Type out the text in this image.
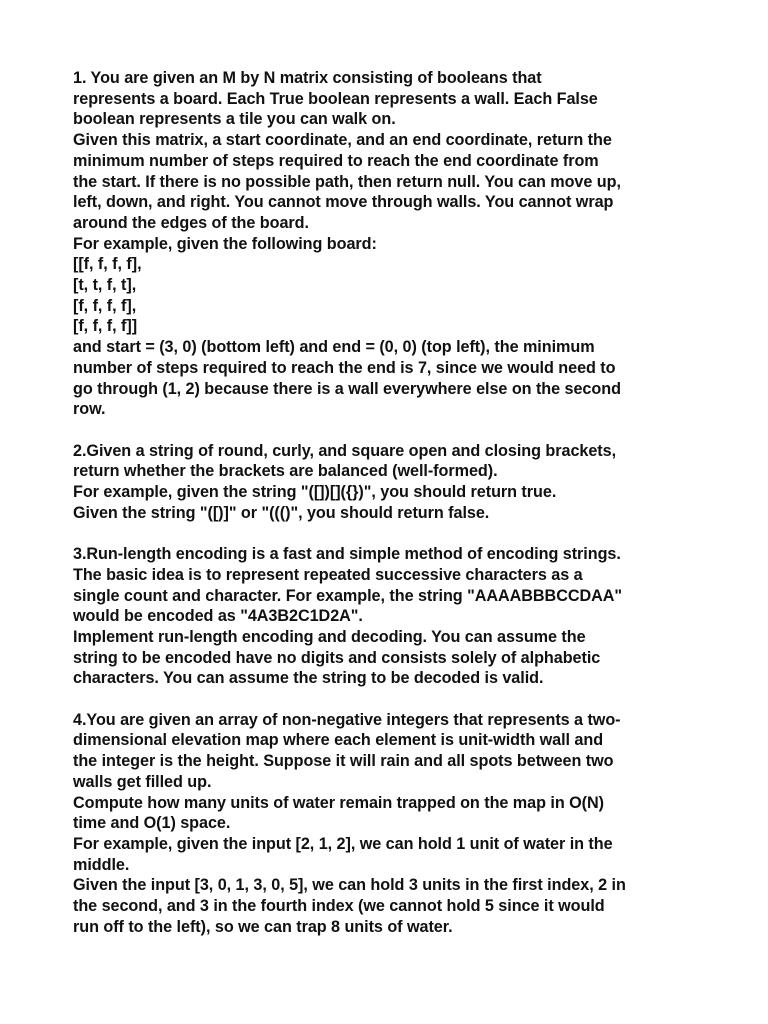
1. You are given an M by N matrix consisting of booleans that
represents a board. Each True boolean represents a wall. Each False
boolean represents a tile you can walk on.
Given this matrix, a start coordinate, and an end coordinate, return the
minimum number of steps required to reach the end coordinate from
the start. If there is no possible path, then return null. You can move up,
left, down, and right. You cannot move through walls. You cannot wrap
around the edges of the board.
For example, given the following board:
[[f, f, f, f],
[t, t, f, t],
[f, f, f, f],
[f, f, f, f]]
and start = (3, 0) (bottom left) and end = (0, 0) (top left), the minimum
number of steps required to reach the end is 7, since we would need to
go through (1, 2) because there is a wall everywhere else on the second
row.
2.Given a string of round, curly, and square open and closing brackets,
return whether the brackets are balanced (well-formed).
For example, given the string "([])[]({})", you should return true.
Given the string "([)]" or "((()", you should return false.
3.Run-length encoding is a fast and simple method of encoding strings.
The basic idea is to represent repeated successive characters as a
single count and character. For example, the string "AAAABBBCCDAA"
would be encoded as "4A3B2C1D2A".
Implement run-length encoding and decoding. You can assume the
string to be encoded have no digits and consists solely of alphabetic
characters. You can assume the string to be decoded is valid.
4.You are given an array of non-negative integers that represents a two-
dimensional elevation map where each element is unit-width wall and
the integer is the height. Suppose it will rain and all spots between two
walls get filled up.
Compute how many units of water remain trapped on the map in O(N)
time and O(1) space.
For example, given the input [2, 1, 2], we can hold 1 unit of water in the
middle.
Given the input [3, 0, 1, 3, 0, 5], we can hold 3 units in the first index, 2 in
the second, and 3 in the fourth index (we cannot hold 5 since it would
run off to the left), so we can trap 8 units of water.
